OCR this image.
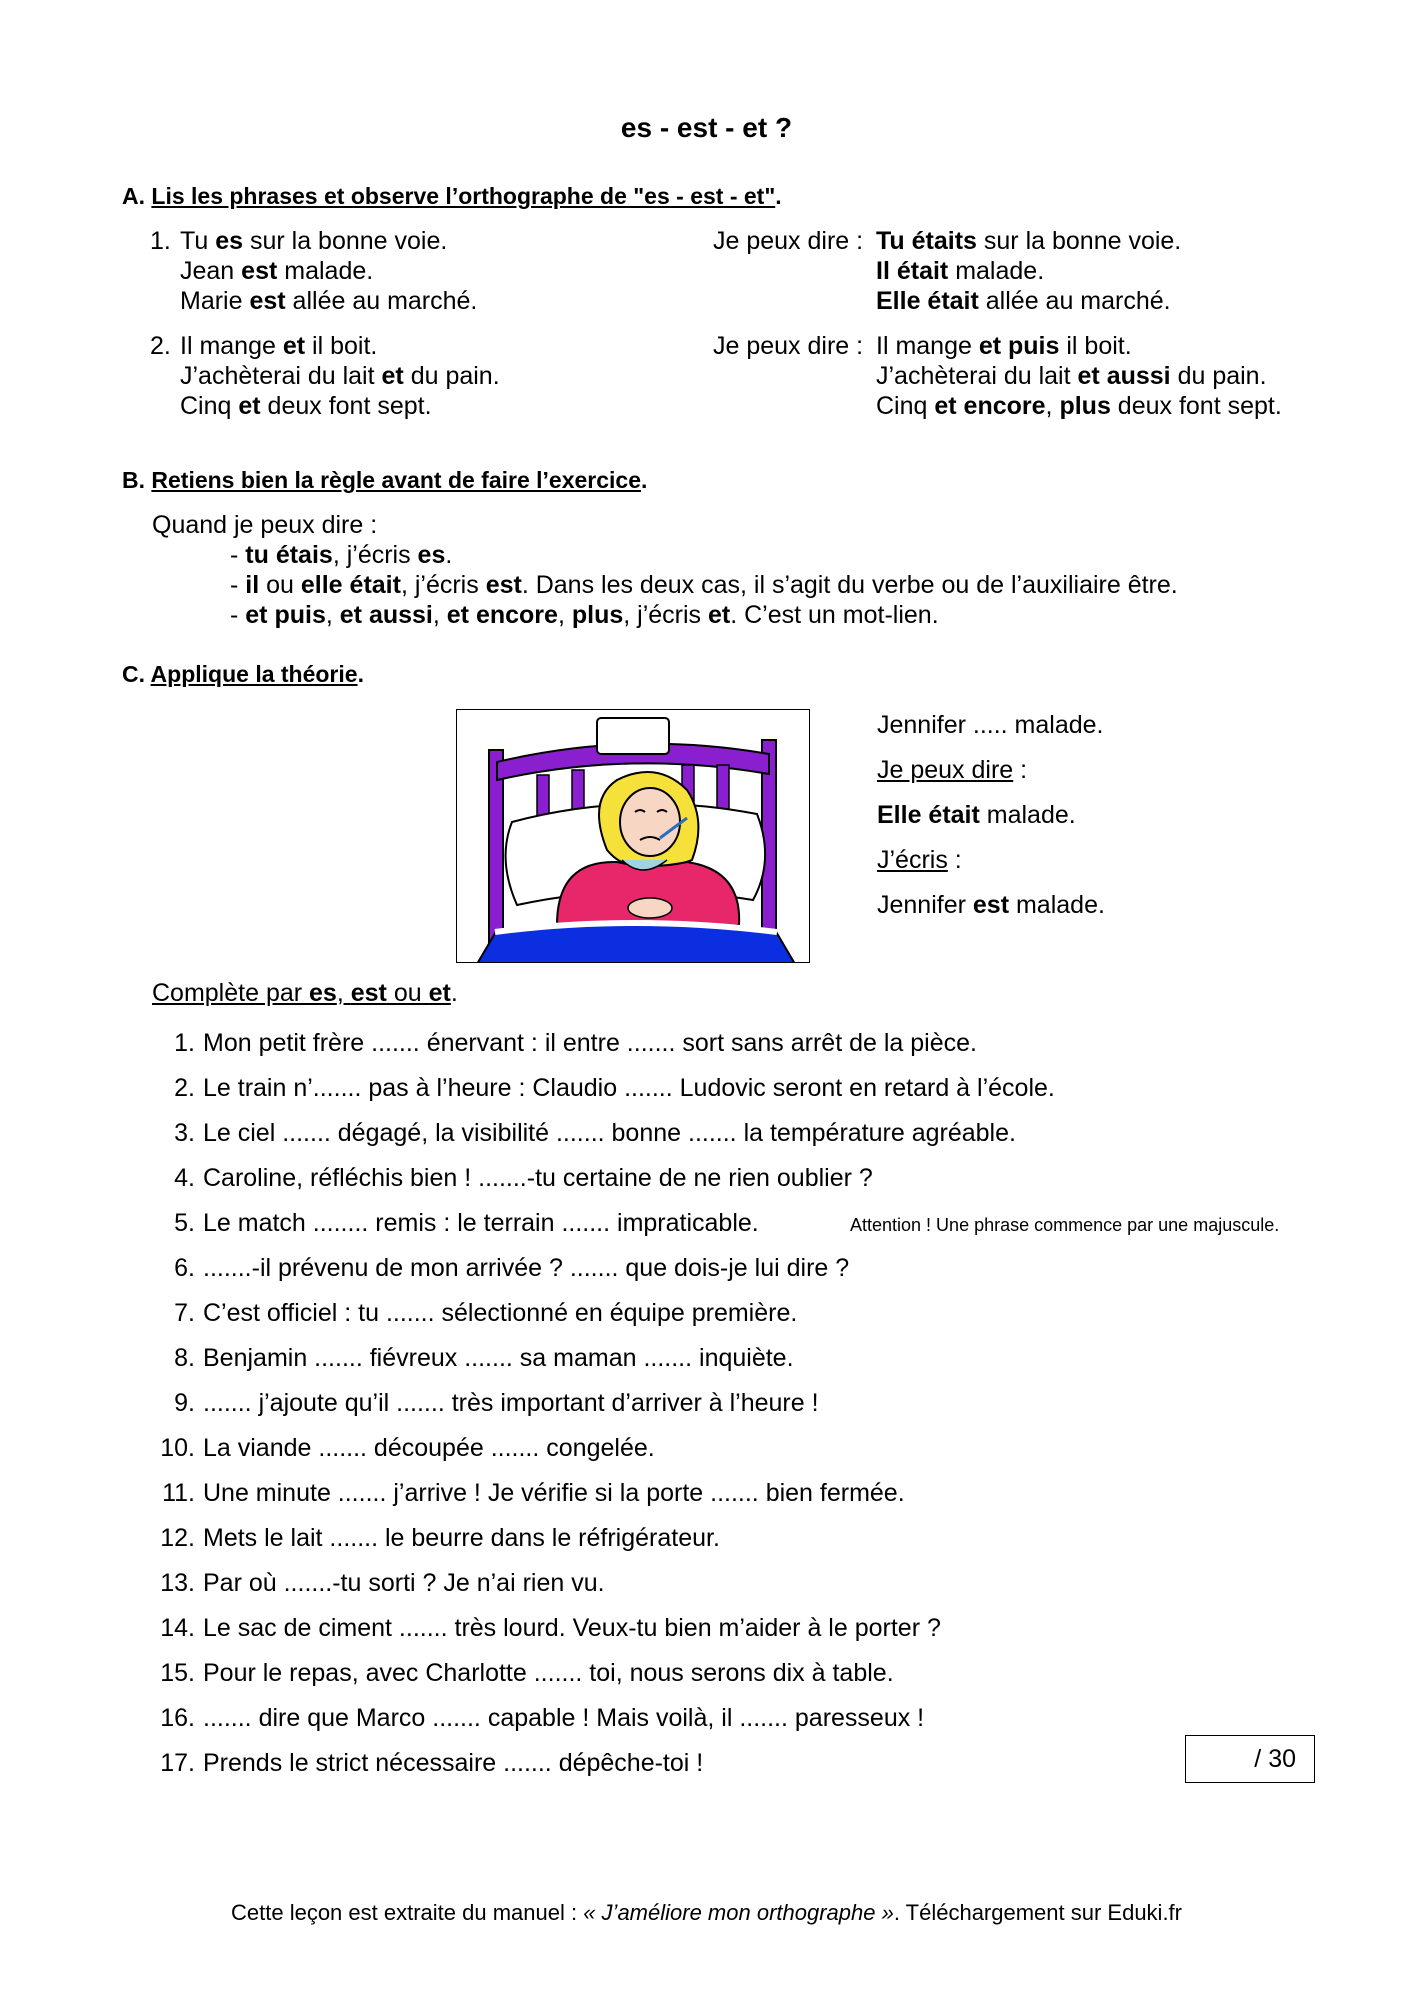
es - est - et ?
A. Lis les phrases et observe l’orthographe de "es - est - et".
1. Tu es sur la bonne voie.
Jean est malade.
Marie est allée au marché.
Je peux dire : Tu étaits sur la bonne voie.
Il était malade.
Elle était allée au marché.
2. Il mange et il boit.
J’achèterai du lait et du pain.
Cinq et deux font sept.
Je peux dire : Il mange et puis il boit.
J’achèterai du lait et aussi du pain.
Cinq et encore, plus deux font sept.
B. Retiens bien la règle avant de faire l’exercice.
Quand je peux dire :
- tu étais, j’écris es.
- il ou elle était, j’écris est. Dans les deux cas, il s’agit du verbe ou de l’auxiliaire être.
- et puis, et aussi, et encore, plus, j’écris et. C’est un mot-lien.
C. Applique la théorie.
Jennifer ..... malade.
Je peux dire :
Elle était malade.
J’écris :
Jennifer est malade.
Complète par es, est ou et.
1. Mon petit frère ....... énervant : il entre ....... sort sans arrêt de la pièce.
2. Le train n’....... pas à l’heure : Claudio ....... Ludovic seront en retard à l’école.
3. Le ciel ....... dégagé, la visibilité ....... bonne ....... la température agréable.
4. Caroline, réfléchis bien ! .......-tu certaine de ne rien oublier ?
5. Le match ........ remis : le terrain ....... impraticable.
6. .......-il prévenu de mon arrivée ? ....... que dois-je lui dire ?
7. C’est officiel : tu ....... sélectionné en équipe première.
8. Benjamin ....... fiévreux ....... sa maman ....... inquiète.
9. ....... j’ajoute qu’il ....... très important d’arriver à l’heure !
10. La viande ....... découpée ....... congelée.
11. Une minute ....... j’arrive ! Je vérifie si la porte ....... bien fermée.
12. Mets le lait ....... le beurre dans le réfrigérateur.
13. Par où .......-tu sorti ? Je n’ai rien vu.
14. Le sac de ciment ....... très lourd. Veux-tu bien m’aider à le porter ?
15. Pour le repas, avec Charlotte ....... toi, nous serons dix à table.
16. ....... dire que Marco ....... capable ! Mais voilà, il ....... paresseux !
17. Prends le strict nécessaire ....... dépêche-toi !
Attention ! Une phrase commence par une majuscule.
/ 30
Cette leçon est extraite du manuel : « J’améliore mon orthographe ». Téléchargement sur Eduki.fr
